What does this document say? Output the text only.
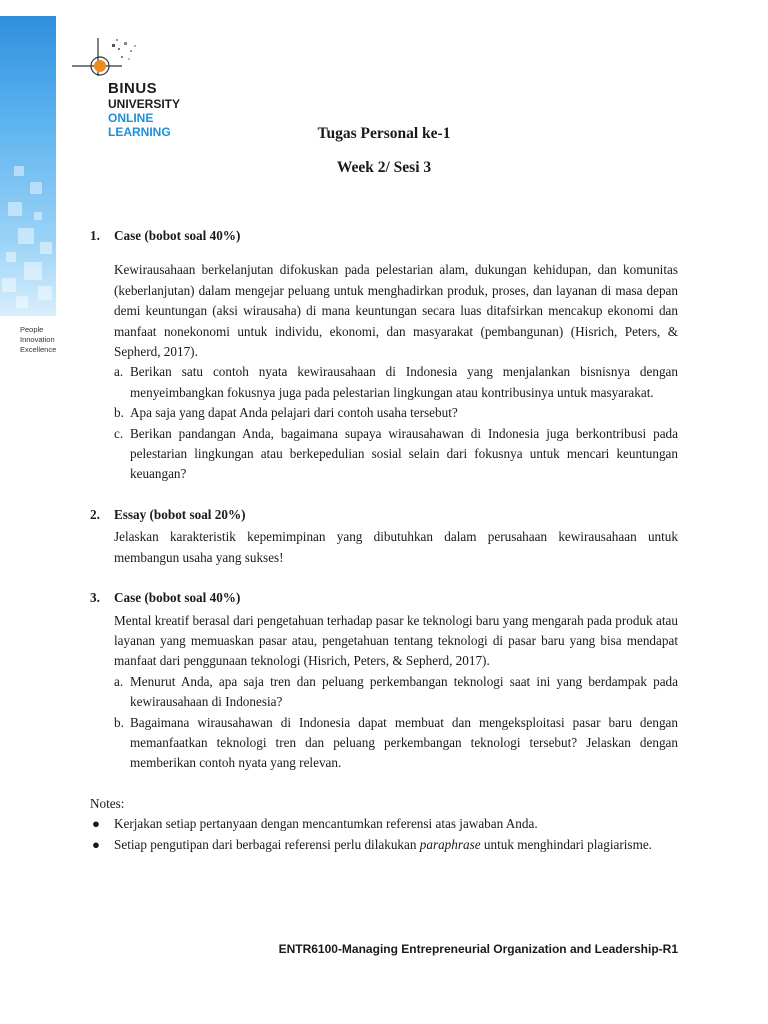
People
Innovation
Excellence
BINUS
UNIVERSITY
ONLINE
LEARNING	Tugas Personal ke-1
Week 2/ Sesi 3
1.	Case (bobot soal 40%)
Kewirausahaan berkelanjutan difokuskan pada pelestarian alam, dukungan kehidupan, dan komunitas (keberlanjutan) dalam mengejar peluang untuk menghadirkan produk, proses, dan layanan di masa depan demi keuntungan (aksi wirausaha) di mana keuntungan secara luas ditafsirkan mencakup ekonomi dan manfaat nonekonomi untuk individu, ekonomi, dan masyarakat (pembangunan) (Hisrich, Peters, & Sepherd, 2017).
a. Berikan satu contoh nyata kewirausahaan di Indonesia yang menjalankan bisnisnya dengan menyeimbangkan fokusnya juga pada pelestarian lingkungan atau kontribusinya untuk masyarakat.
b. Apa saja yang dapat Anda pelajari dari contoh usaha tersebut?
c. Berikan pandangan Anda, bagaimana supaya wirausahawan di Indonesia juga berkontribusi pada pelestarian lingkungan atau berkepedulian sosial selain dari fokusnya untuk mencari keuntungan keuangan?
2.	Essay (bobot soal 20%)
Jelaskan karakteristik kepemimpinan yang dibutuhkan dalam perusahaan kewirausahaan untuk membangun usaha yang sukses!
3.	Case (bobot soal 40%)
Mental kreatif berasal dari pengetahuan terhadap pasar ke teknologi baru yang mengarah pada produk atau layanan yang memuaskan pasar atau, pengetahuan tentang teknologi di pasar baru yang bisa mendapat manfaat dari penggunaan teknologi (Hisrich, Peters, & Sepherd, 2017).
a. Menurut Anda, apa saja tren dan peluang perkembangan teknologi saat ini yang berdampak pada kewirausahaan di Indonesia?
b. Bagaimana wirausahawan di Indonesia dapat membuat dan mengeksploitasi pasar baru dengan memanfaatkan teknologi tren dan peluang perkembangan teknologi tersebut? Jelaskan dengan memberikan contoh nyata yang relevan.
Notes:
●	Kerjakan setiap pertanyaan dengan mencantumkan referensi atas jawaban Anda.
●	Setiap pengutipan dari berbagai referensi perlu dilakukan paraphrase untuk menghindari plagiarisme.
ENTR6100-Managing Entrepreneurial Organization and Leadership-R1
